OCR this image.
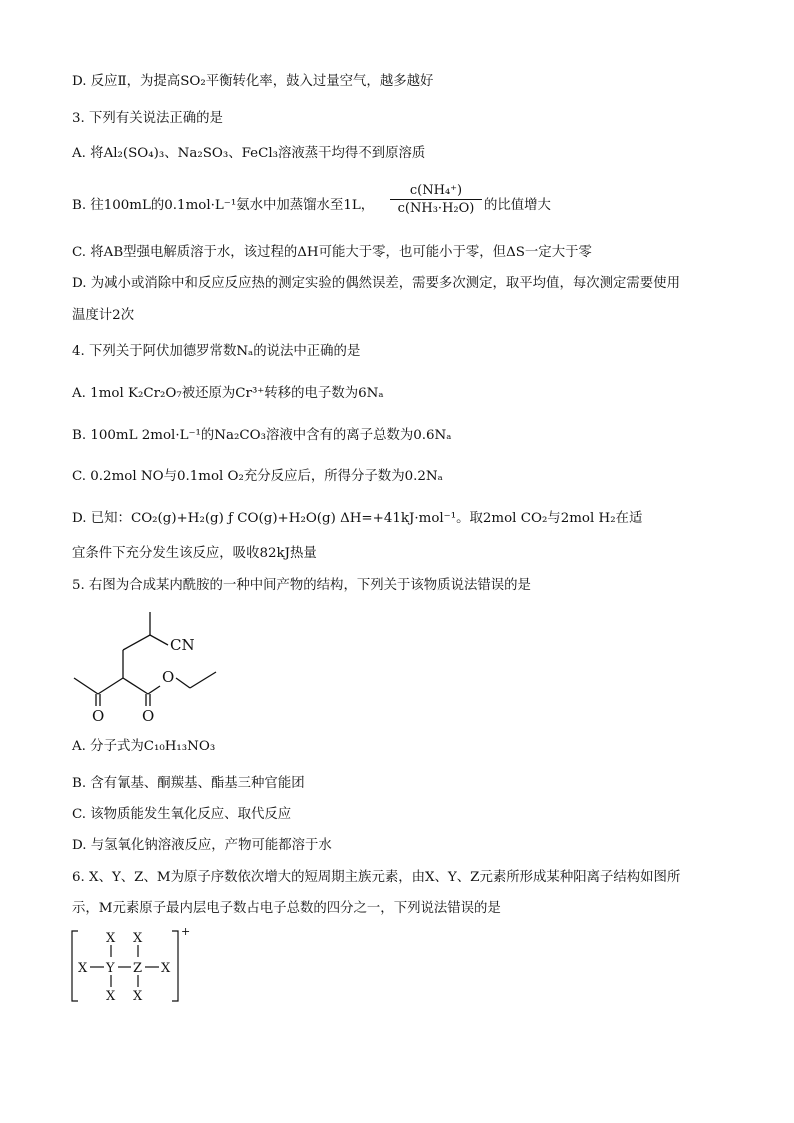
D. 反应Ⅱ，为提高SO₂平衡转化率，鼓入过量空气，越多越好
3. 下列有关说法正确的是
A. 将Al₂(SO₄)₃、Na₂SO₃、FeCl₃溶液蒸干均得不到原溶质
B. 往100mL的0.1mol·L⁻¹氨水中加蒸馏水至1L，
c(NH₄⁺)
c(NH₃·H₂O) 的比值增大
C. 将AB型强电解质溶于水，该过程的ΔH可能大于零，也可能小于零，但ΔS一定大于零
D. 为减小或消除中和反应反应热的测定实验的偶然误差，需要多次测定，取平均值，每次测定需要使用
温度计2次
4. 下列关于阿伏加德罗常数Nₐ的说法中正确的是
A. 1mol K₂Cr₂O₇被还原为Cr³⁺转移的电子数为6Nₐ
B. 100mL 2mol·L⁻¹的Na₂CO₃溶液中含有的离子总数为0.6Nₐ
C. 0.2mol NO与0.1mol O₂充分反应后，所得分子数为0.2Nₐ
D. 已知：CO₂(g)+H₂(g) ƒ CO(g)+H₂O(g) ΔH=+41kJ·mol⁻¹。取2mol CO₂与2mol H₂在适
宜条件下充分发生该反应，吸收82kJ热量
5. 右图为合成某内酰胺的一种中间产物的结构，下列关于该物质说法错误的是
CN
O	O
O
A. 分子式为C₁₀H₁₃NO₃
B. 含有氰基、酮羰基、酯基三种官能团
C. 该物质能发生氧化反应、取代反应
D. 与氢氧化钠溶液反应，产物可能都溶于水
6. X、Y、Z、M为原子序数依次增大的短周期主族元素，由X、Y、Z元素所形成某种阳离子结构如图所
示，M元素原子最内层电子数占电子总数的四分之一，下列说法错误的是
X X
X Y Z X
X X
+
